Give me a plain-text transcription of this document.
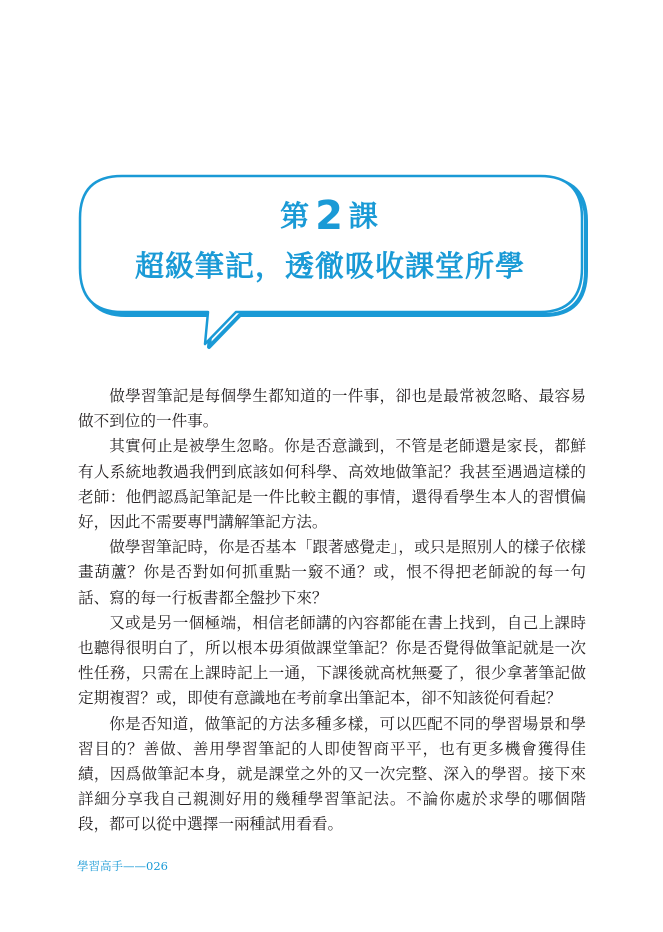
第 2 課
超級筆記，透徹吸收課堂所學

做學習筆記是每個學生都知道的一件事，卻也是最常被忽略、最容易做不到位的一件事。

其實何止是被學生忽略。你是否意識到，不管是老師還是家長，都鮮有人系統地教過我們到底該如何科學、高效地做筆記？我甚至遇過這樣的老師：他們認爲記筆記是一件比較主觀的事情，還得看學生本人的習慣偏好，因此不需要專門講解筆記方法。

做學習筆記時，你是否基本「跟著感覺走」，或只是照別人的樣子依樣畫葫蘆？你是否對如何抓重點一竅不通？或，恨不得把老師說的每一句話、寫的每一行板書都全盤抄下來？

又或是另一個極端，相信老師講的內容都能在書上找到，自己上課時也聽得很明白了，所以根本毋須做課堂筆記？你是否覺得做筆記就是一次性任務，只需在上課時記上一通，下課後就高枕無憂了，很少拿著筆記做定期複習？或，即使有意識地在考前拿出筆記本，卻不知該從何看起？

你是否知道，做筆記的方法多種多樣，可以匹配不同的學習場景和學習目的？善做、善用學習筆記的人即使智商平平，也有更多機會獲得佳績，因爲做筆記本身，就是課堂之外的又一次完整、深入的學習。接下來詳細分享我自己親測好用的幾種學習筆記法。不論你處於求學的哪個階段，都可以從中選擇一兩種試用看看。

學習高手——026
